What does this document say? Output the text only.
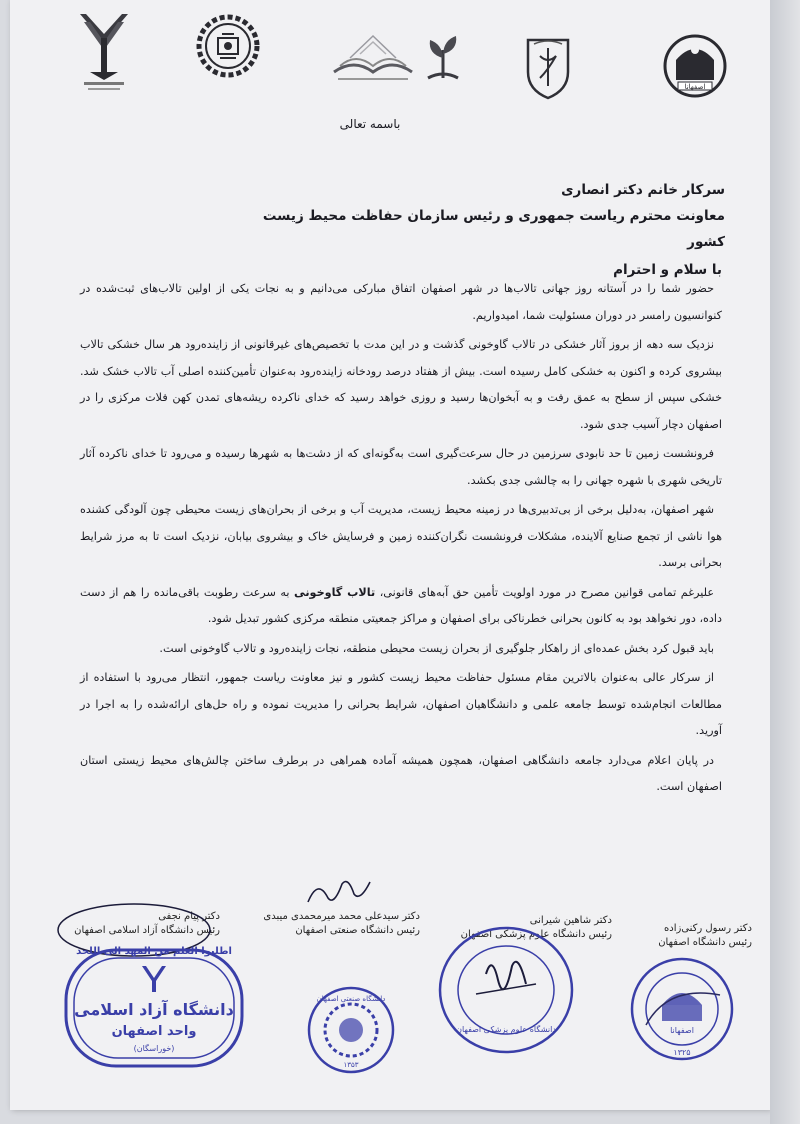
اصفهانا
باسمه تعالی
سرکار خانم دکتر انصاری
معاونت محترم ریاست جمهوری و رئیس سازمان حفاظت محیط زیست کشور
با سلام و احترام

حضور شما را در آستانه روز جهانی تالاب‌ها در شهر اصفهان اتفاق مبارکی می‌دانیم و به نجات یکی از اولین تالاب‌های ثبت‌شده در کنوانسیون رامسر در دوران مسئولیت شما، امیدواریم.

نزدیک سه دهه از بروز آثار خشکی در تالاب گاوخونی گذشت و در این مدت با تخصیص‌های غیرقانونی از زاینده‌رود هر سال خشکی تالاب بیشروی کرده و اکنون به خشکی کامل رسیده است. بیش از هفتاد درصد رودخانه زاینده‌رود به‌عنوان تأمین‌کننده اصلی آب تالاب خشک شد. خشکی سپس از سطح به عمق رفت و به آبخوان‌ها رسید و روزی خواهد رسید که خدای ناکرده ریشه‌های تمدن کهن فلات مرکزی را در اصفهان دچار آسیب جدی شود.

فرونشست زمین تا حد نابودی سرزمین در حال سرعت‌گیری است به‌گونه‌ای که از دشت‌ها به شهرها رسیده و می‌رود تا خدای ناکرده آثار تاریخی شهری با شهره جهانی را به چالشی جدی بکشد.

شهر اصفهان، به‌دلیل برخی از بی‌تدبیری‌ها در زمینه محیط زیست، مدیریت آب و برخی از بحران‌های زیست محیطی چون آلودگی کشنده هوا ناشی از تجمع صنایع آلاینده، مشکلات فرونشست نگران‌کننده زمین و فرسایش خاک و بیشروی بیابان، نزدیک است تا به مرز شرایط بحرانی برسد.

علیرغم تمامی قوانین مصرح در مورد اولویت تأمین حق آبه‌های قانونی، تالاب گاوخونی به سرعت رطوبت باقی‌مانده را هم از دست داده، دور نخواهد بود به کانون بحرانی خطرناکی برای اصفهان و مراکز جمعیتی منطقه مرکزی کشور تبدیل شود.

باید قبول کرد بخش عمده‌ای از راهکار جلوگیری از بحران زیست محیطی منطقه، نجات زاینده‌رود و تالاب گاوخونی است.

از سرکار عالی به‌عنوان بالاترین مقام مسئول حفاظت محیط زیست کشور و نیز معاونت ریاست جمهور، انتظار می‌رود با استفاده از مطالعات انجام‌شده توسط جامعه علمی و دانشگاهیان اصفهان، شرایط بحرانی را مدیریت نموده و راه حل‌های ارائه‌شده را به اجرا در آورید.

در پایان اعلام می‌دارد جامعه دانشگاهی اصفهان، همچون همیشه آماده همراهی در برطرف ساختن چالش‌های محیط زیستی استان اصفهان است.

دکتر رسول رکنی‌زاده
رئیس دانشگاه اصفهان
اصفهانا
۱۳۲۵
دکتر شاهین شیرانی
رئیس دانشگاه علوم پزشکی اصفهان
دانشگاه علوم پزشکی اصفهان
دکتر سیدعلی محمد میرمحمدی میبدی
رئیس دانشگاه صنعتی اصفهان
دانشگاه صنعتی اصفهان
۱۳۵۳
دکتر پیام نجفی
رئیس دانشگاه آزاد اسلامی اصفهان
اطلبوا العلم من المهد الی اللحد
دانشگاه آزاد اسلامی
واحد اصفهان
(خوراسگان)
